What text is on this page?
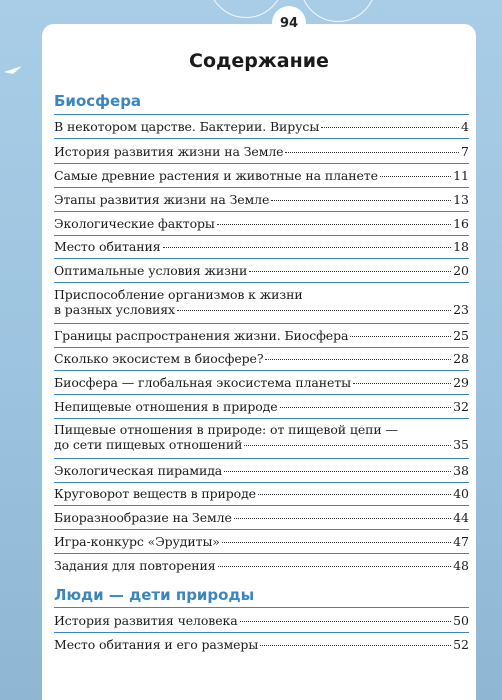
94
Содержание
Биосфера
В некотором царстве. Бактерии. Вирусы	4
История развития жизни на Земле	7
Самые древние растения и животные на планете	11
Этапы развития жизни на Земле	13
Экологические факторы	16
Место обитания	18
Оптимальные условия жизни	20
Приспособление организмов к жизни
в разных условиях	23
Границы распространения жизни. Биосфера	25
Сколько экосистем в биосфере?	28
Биосфера — глобальная экосистема планеты	29
Непищевые отношения в природе	32
Пищевые отношения в природе: от пищевой цепи —
до сети пищевых отношений	35
Экологическая пирамида	38
Круговорот веществ в природе	40
Биоразнообразие на Земле	44
Игра-конкурс «Эрудиты»	47
Задания для повторения	48
Люди — дети природы
История развития человека	50
Место обитания и его размеры	52
